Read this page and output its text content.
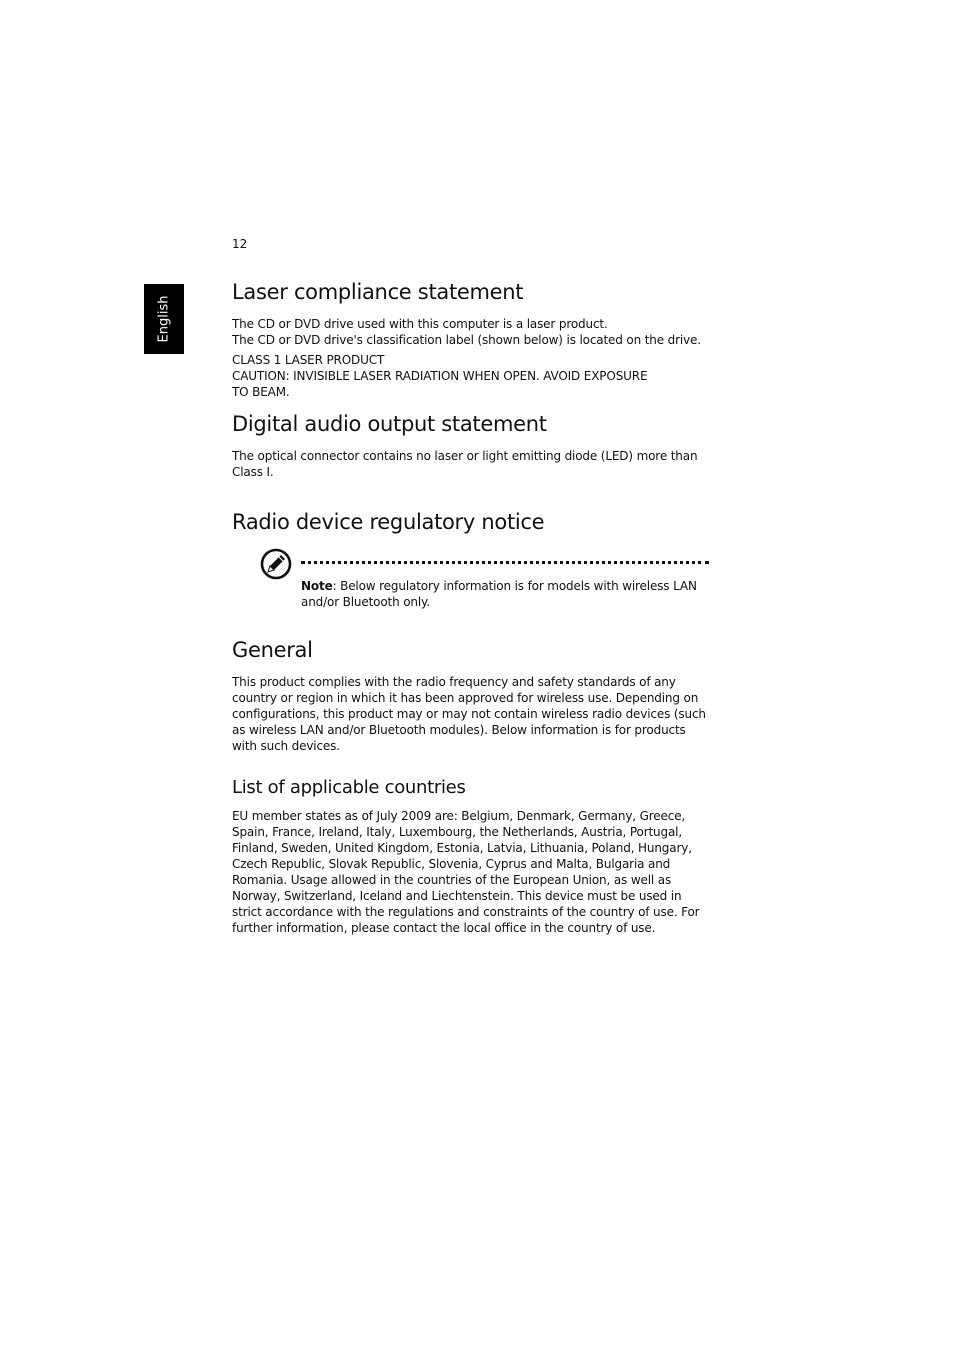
12
English
Laser compliance statement

The CD or DVD drive used with this computer is a laser product.

The CD or DVD drive's classification label (shown below) is located on the drive.

CLASS 1 LASER PRODUCT

CAUTION: INVISIBLE LASER RADIATION WHEN OPEN. AVOID EXPOSURE

TO BEAM.

Digital audio output statement

The optical connector contains no laser or light emitting diode (LED) more than Class I.

Radio device regulatory notice

Note: Below regulatory information is for models with wireless LAN and/or Bluetooth only.

General

This product complies with the radio frequency and safety standards of any country or region in which it has been approved for wireless use. Depending on configurations, this product may or may not contain wireless radio devices (such as wireless LAN and/or Bluetooth modules). Below information is for products with such devices.

List of applicable countries

EU member states as of July 2009 are: Belgium, Denmark, Germany, Greece, Spain, France, Ireland, Italy, Luxembourg, the Netherlands, Austria, Portugal, Finland, Sweden, United Kingdom, Estonia, Latvia, Lithuania, Poland, Hungary, Czech Republic, Slovak Republic, Slovenia, Cyprus and Malta, Bulgaria and Romania. Usage allowed in the countries of the European Union, as well as Norway, Switzerland, Iceland and Liechtenstein. This device must be used in strict accordance with the regulations and constraints of the country of use. For further information, please contact the local office in the country of use.
